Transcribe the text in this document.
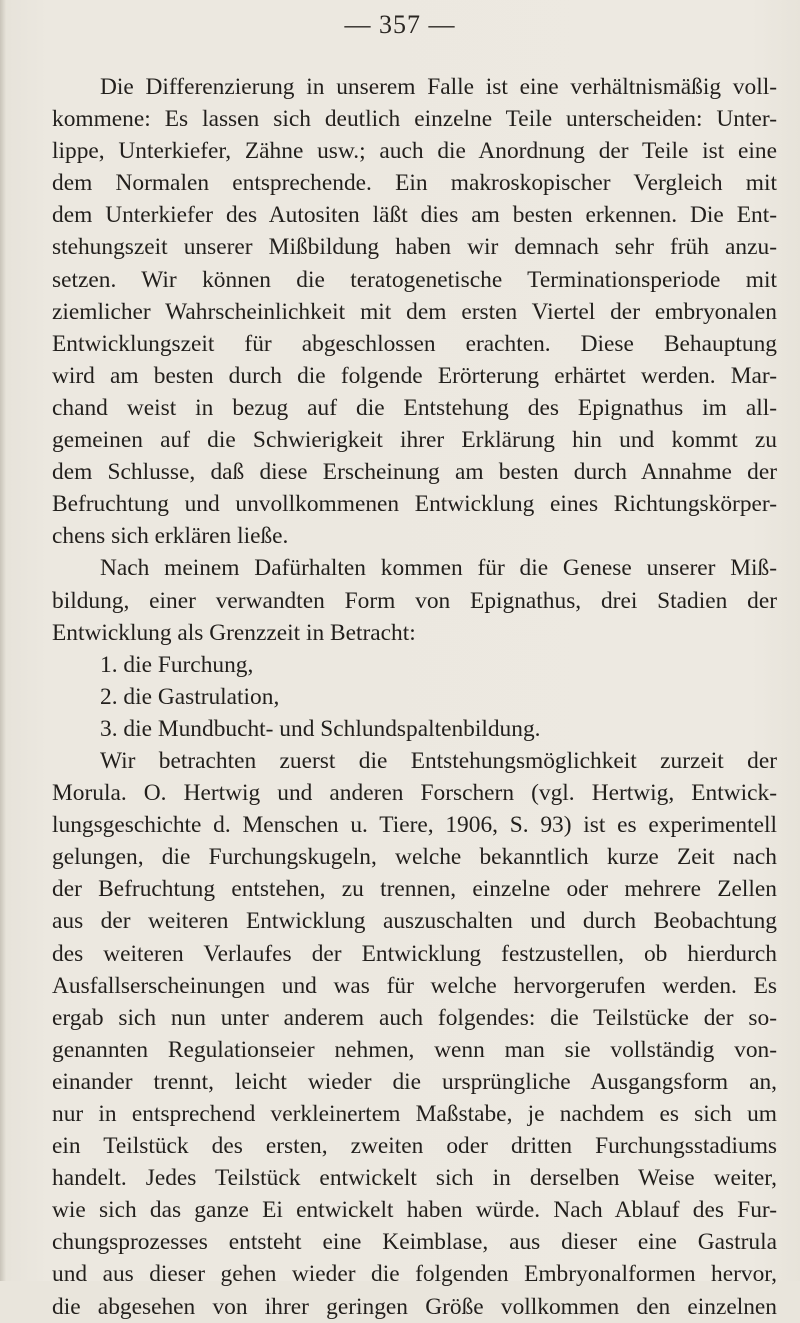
— 357 —
Die Differenzierung in unserem Falle ist eine verhältnismäßig voll-
kommene: Es lassen sich deutlich einzelne Teile unterscheiden: Unter-
lippe, Unterkiefer, Zähne usw.; auch die Anordnung der Teile ist eine
dem Normalen entsprechende. Ein makroskopischer Vergleich mit
dem Unterkiefer des Autositen läßt dies am besten erkennen. Die Ent-
stehungszeit unserer Mißbildung haben wir demnach sehr früh anzu-
setzen. Wir können die teratogenetische Terminationsperiode mit
ziemlicher Wahrscheinlichkeit mit dem ersten Viertel der embryonalen
Entwicklungszeit für abgeschlossen erachten. Diese Behauptung
wird am besten durch die folgende Erörterung erhärtet werden. Mar-
chand weist in bezug auf die Entstehung des Epignathus im all-
gemeinen auf die Schwierigkeit ihrer Erklärung hin und kommt zu
dem Schlusse, daß diese Erscheinung am besten durch Annahme der
Befruchtung und unvollkommenen Entwicklung eines Richtungskörper-
chens sich erklären ließe.
Nach meinem Dafürhalten kommen für die Genese unserer Miß-
bildung, einer verwandten Form von Epignathus, drei Stadien der
Entwicklung als Grenzzeit in Betracht:
1. die Furchung,
2. die Gastrulation,
3. die Mundbucht- und Schlundspaltenbildung.
Wir betrachten zuerst die Entstehungsmöglichkeit zurzeit der
Morula. O. Hertwig und anderen Forschern (vgl. Hertwig, Entwick-
lungsgeschichte d. Menschen u. Tiere, 1906, S. 93) ist es experimentell
gelungen, die Furchungskugeln, welche bekanntlich kurze Zeit nach
der Befruchtung entstehen, zu trennen, einzelne oder mehrere Zellen
aus der weiteren Entwicklung auszuschalten und durch Beobachtung
des weiteren Verlaufes der Entwicklung festzustellen, ob hierdurch
Ausfallserscheinungen und was für welche hervorgerufen werden. Es
ergab sich nun unter anderem auch folgendes: die Teilstücke der so-
genannten Regulationseier nehmen, wenn man sie vollständig von-
einander trennt, leicht wieder die ursprüngliche Ausgangsform an,
nur in entsprechend verkleinertem Maßstabe, je nachdem es sich um
ein Teilstück des ersten, zweiten oder dritten Furchungsstadiums
handelt. Jedes Teilstück entwickelt sich in derselben Weise weiter,
wie sich das ganze Ei entwickelt haben würde. Nach Ablauf des Fur-
chungsprozesses entsteht eine Keimblase, aus dieser eine Gastrula
und aus dieser gehen wieder die folgenden Embryonalformen hervor,
die abgesehen von ihrer geringen Größe vollkommen den einzelnen
